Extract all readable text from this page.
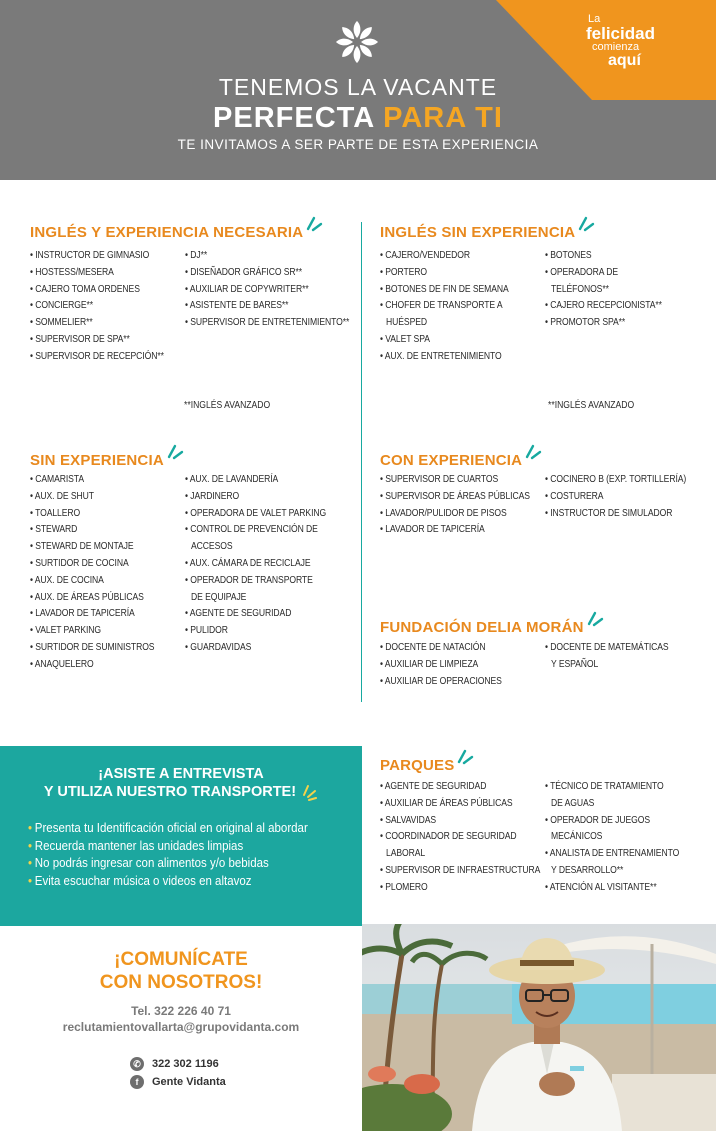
La
felicidad
comienza
aquí
TENEMOS LA VACANTE
PERFECTA PARA TI
TE INVITAMOS A SER PARTE DE ESTA EXPERIENCIA
INGLÉS Y EXPERIENCIA NECESARIA
• INSTRUCTOR DE GIMNASIO
• HOSTESS/MESERA
• CAJERO TOMA ORDENES
• CONCIERGE**
• SOMMELIER**
• SUPERVISOR DE SPA**
• SUPERVISOR DE RECEPCIÓN**
• DJ**
• DISEÑADOR GRÁFICO SR**
• AUXILIAR DE COPYWRITER**
• ASISTENTE DE BARES**
• SUPERVISOR DE ENTRETENIMIENTO**
**INGLÉS AVANZADO
INGLÉS SIN EXPERIENCIA
• CAJERO/VENDEDOR
• PORTERO
• BOTONES DE FIN DE SEMANA
• CHOFER DE TRANSPORTE A
HUÉSPED
• VALET SPA
• AUX. DE ENTRETENIMIENTO
• BOTONES
• OPERADORA DE
TELÉFONOS**
• CAJERO RECEPCIONISTA**
• PROMOTOR SPA**
**INGLÉS AVANZADO
SIN EXPERIENCIA
• CAMARISTA
• AUX. DE SHUT
• TOALLERO
• STEWARD
• STEWARD DE MONTAJE
• SURTIDOR DE COCINA
• AUX. DE COCINA
• AUX. DE ÁREAS PÚBLICAS
• LAVADOR DE TAPICERÍA
• VALET PARKING
• SURTIDOR DE SUMINISTROS
• ANAQUELERO
• AUX. DE LAVANDERÍA
• JARDINERO
• OPERADORA DE VALET PARKING
• CONTROL DE PREVENCIÓN DE
ACCESOS
• AUX. CÁMARA DE RECICLAJE
• OPERADOR DE TRANSPORTE
DE EQUIPAJE
• AGENTE DE SEGURIDAD
• PULIDOR
• GUARDAVIDAS
CON EXPERIENCIA
• SUPERVISOR DE CUARTOS
• SUPERVISOR DE ÁREAS PÚBLICAS
• LAVADOR/PULIDOR DE PISOS
• LAVADOR DE TAPICERÍA
• COCINERO B (EXP. TORTILLERÍA)
• COSTURERA
• INSTRUCTOR DE SIMULADOR
FUNDACIÓN DELIA MORÁN
• DOCENTE DE NATACIÓN
• AUXILIAR DE LIMPIEZA
• AUXILIAR DE OPERACIONES
• DOCENTE DE MATEMÁTICAS
Y ESPAÑOL
PARQUES
• AGENTE DE SEGURIDAD
• AUXILIAR DE ÁREAS PÚBLICAS
• SALVAVIDAS
• COORDINADOR DE SEGURIDAD
LABORAL
• SUPERVISOR DE INFRAESTRUCTURA
• PLOMERO
• TÉCNICO DE TRATAMIENTO
DE AGUAS
• OPERADOR DE JUEGOS
MECÁNICOS
• ANALISTA DE ENTRENAMIENTO
Y DESARROLLO**
• ATENCIÓN AL VISITANTE**
¡ASISTE A ENTREVISTA
Y UTILIZA NUESTRO TRANSPORTE!
• Presenta tu Identificación oficial en original al abordar
• Recuerda mantener las unidades limpias
• No podrás ingresar con alimentos y/o bebidas
• Evita escuchar música o videos en altavoz
¡COMUNÍCATE
CON NOSOTROS!
Tel. 322 226 40 71
reclutamientovallarta@grupovidanta.com
✆ 322 302 1196
f	Gente Vidanta
